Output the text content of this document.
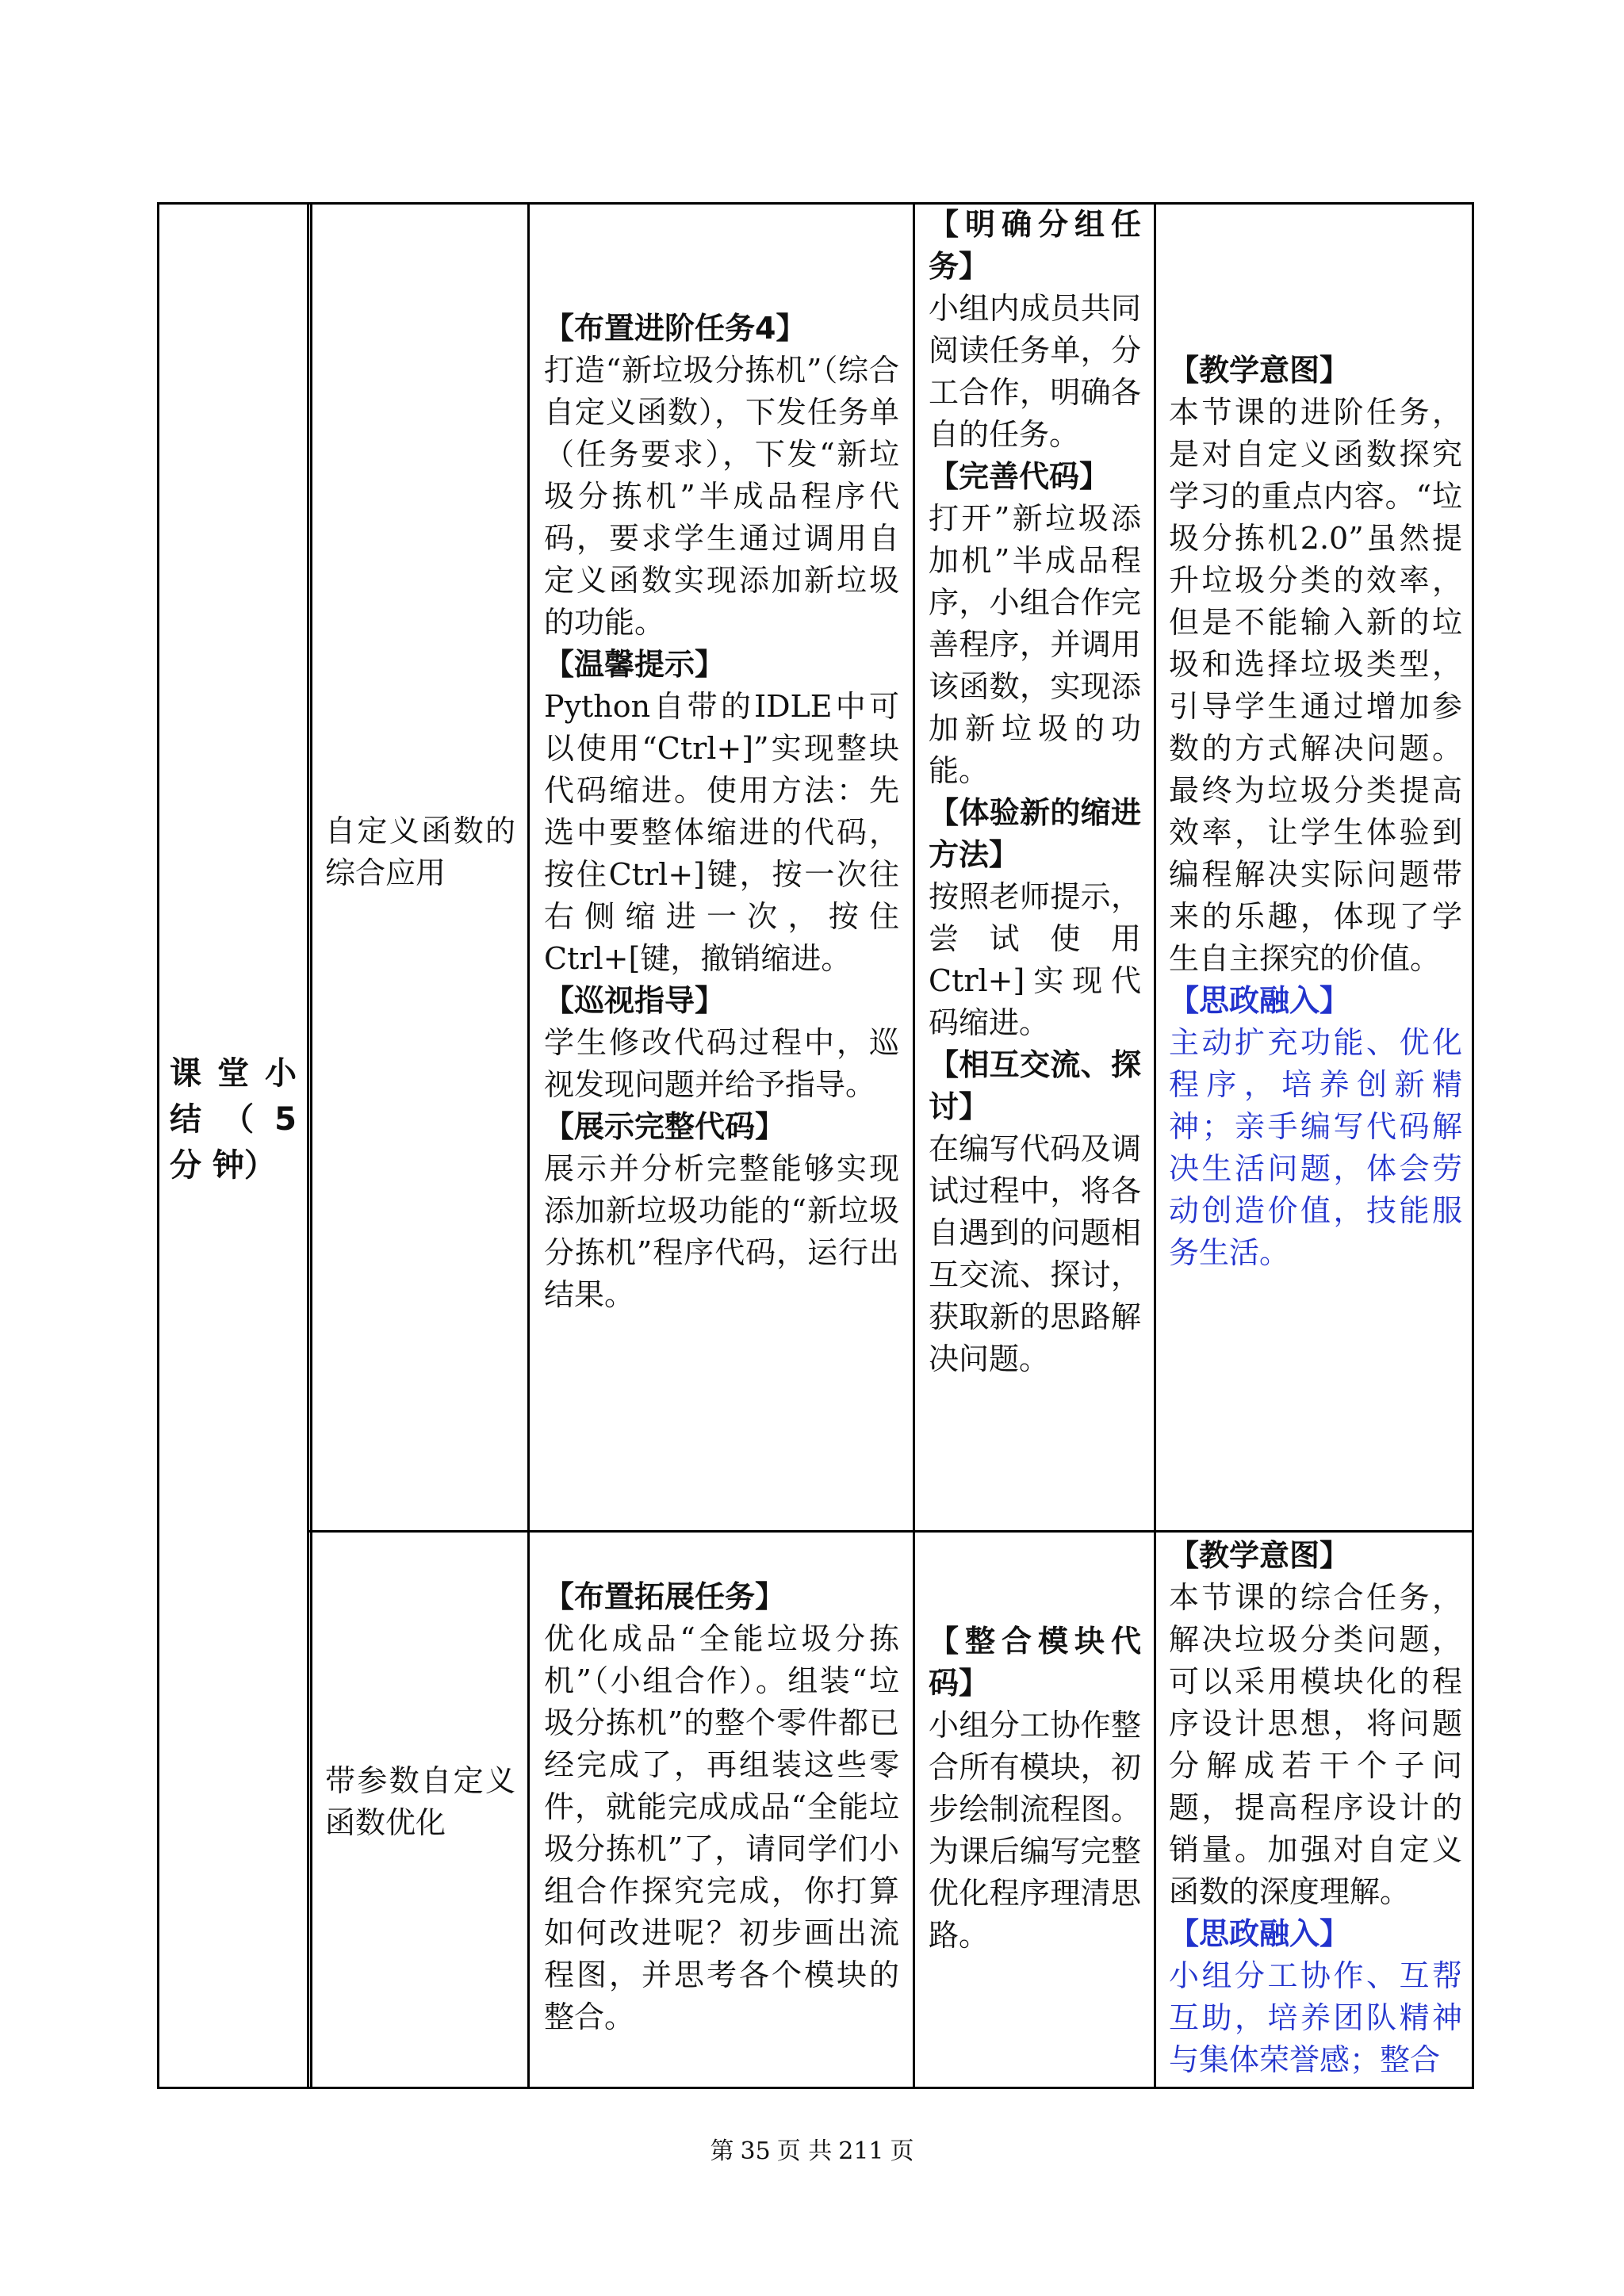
课 堂 小 结 （ 5 分 钟）
自定义函数的综合应用

【布置进阶任务4】

打造“新垃圾分拣机”（综合自定义函数），下发任务单（任务要求），下发“新垃圾分拣机”半成品程序代码，要求学生通过调用自定义函数实现添加新垃圾的功能。

【温馨提示】

Python自带的IDLE中可以使用“Ctrl+]”实现整块代码缩进。使用方法：先选中要整体缩进的代码，按住Ctrl+]键，按一次往右侧缩进一次，按住Ctrl+[键，撤销缩进。

【巡视指导】

学生修改代码过程中，巡视发现问题并给予指导。

【展示完整代码】

展示并分析完整能够实现添加新垃圾功能的“新垃圾分拣机”程序代码，运行出结果。

【明确分组任务】

小组内成员共同阅读任务单，分工合作，明确各自的任务。

【完善代码】

打开”新垃圾添加机”半成品程序，小组合作完善程序，并调用该函数，实现添加新垃圾的功能。

【体验新的缩进方法】

按照老师提示，尝试使用Ctrl+]实现代码缩进。

【相互交流、探讨】

在编写代码及调试过程中，将各自遇到的问题相互交流、探讨，获取新的思路解决问题。

【教学意图】

本节课的进阶任务，是对自定义函数探究学习的重点内容。“垃圾分拣机2.0”虽然提升垃圾分类的效率，但是不能输入新的垃圾和选择垃圾类型，引导学生通过增加参数的方式解决问题。最终为垃圾分类提高效率，让学生体验到编程解决实际问题带来的乐趣，体现了学生自主探究的价值。

【思政融入】

主动扩充功能、优化程序，培养创新精神；亲手编写代码解决生活问题，体会劳动创造价值，技能服务生活。

带参数自定义函数优化

【布置拓展任务】

优化成品“全能垃圾分拣机”（小组合作）。组装“垃圾分拣机”的整个零件都已经完成了，再组装这些零件，就能完成成品“全能垃圾分拣机”了，请同学们小组合作探究完成，你打算如何改进呢？初步画出流程图，并思考各个模块的整合。

【整合模块代码】

小组分工协作整合所有模块，初步绘制流程图。为课后编写完整优化程序理清思路。

【教学意图】

本节课的综合任务，解决垃圾分类问题，可以采用模块化的程序设计思想，将问题分解成若干个子问题，提高程序设计的销量。加强对自定义函数的深度理解。

【思政融入】

小组分工协作、互帮互助，培养团队精神与集体荣誉感；整合

第 35 页 共 211 页
